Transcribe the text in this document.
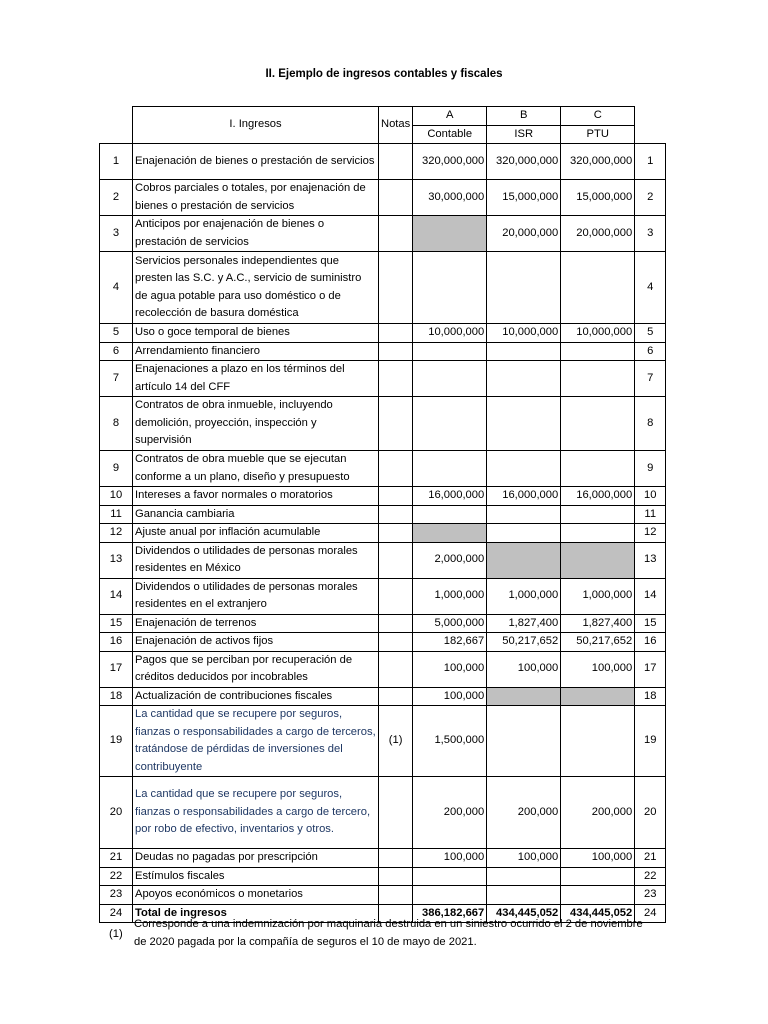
II. Ejemplo de ingresos contables y fiscales
	I. Ingresos	Notas	A	B	C	
			Contable	ISR	PTU	
1	Enajenación de bienes o prestación de servicios		320,000,000	320,000,000	320,000,000	1
2	Cobros parciales o totales, por enajenación de bienes o prestación de servicios		30,000,000	15,000,000	15,000,000	2
3	Anticipos por enajenación de bienes o prestación de servicios			20,000,000	20,000,000	3
4	Servicios personales independientes que presten las S.C. y A.C., servicio de suministro de agua potable para uso doméstico o de recolección de basura doméstica					4
5	Uso o goce temporal de bienes		10,000,000	10,000,000	10,000,000	5
6	Arrendamiento financiero					6
7	Enajenaciones a plazo en los términos del artículo 14 del CFF					7
8	Contratos de obra inmueble, incluyendo demolición, proyección, inspección y supervisión					8
9	Contratos de obra mueble que se ejecutan conforme a un plano, diseño y presupuesto					9
10	Intereses a favor normales o moratorios		16,000,000	16,000,000	16,000,000	10
11	Ganancia cambiaria					11
12	Ajuste anual por inflación acumulable					12
13	Dividendos o utilidades de personas morales residentes en México		2,000,000			13
14	Dividendos o utilidades de personas morales residentes en el extranjero		1,000,000	1,000,000	1,000,000	14
15	Enajenación de terrenos		5,000,000	1,827,400	1,827,400	15
16	Enajenación de activos fijos		182,667	50,217,652	50,217,652	16
17	Pagos que se perciban por recuperación de créditos deducidos por incobrables		100,000	100,000	100,000	17
18	Actualización de contribuciones fiscales		100,000			18
19	La cantidad que se recupere por seguros, fianzas o responsabilidades a cargo de terceros, tratándose de pérdidas de inversiones del contribuyente	(1)	1,500,000			19
20	La cantidad que se recupere por seguros, fianzas o responsabilidades a cargo de tercero, por robo de efectivo, inventarios y otros.		200,000	200,000	200,000	20
21	Deudas no pagadas por prescripción		100,000	100,000	100,000	21
22	Estímulos fiscales					22
23	Apoyos económicos o monetarios					23
24	Total de ingresos		386,182,667	434,445,052	434,445,052	24
(1)
Corresponde a una indemnización por maquinaria destruida en un siniestro ocurrido el 2 de noviembre de 2020 pagada por la compañía de seguros el 10 de mayo de 2021.
